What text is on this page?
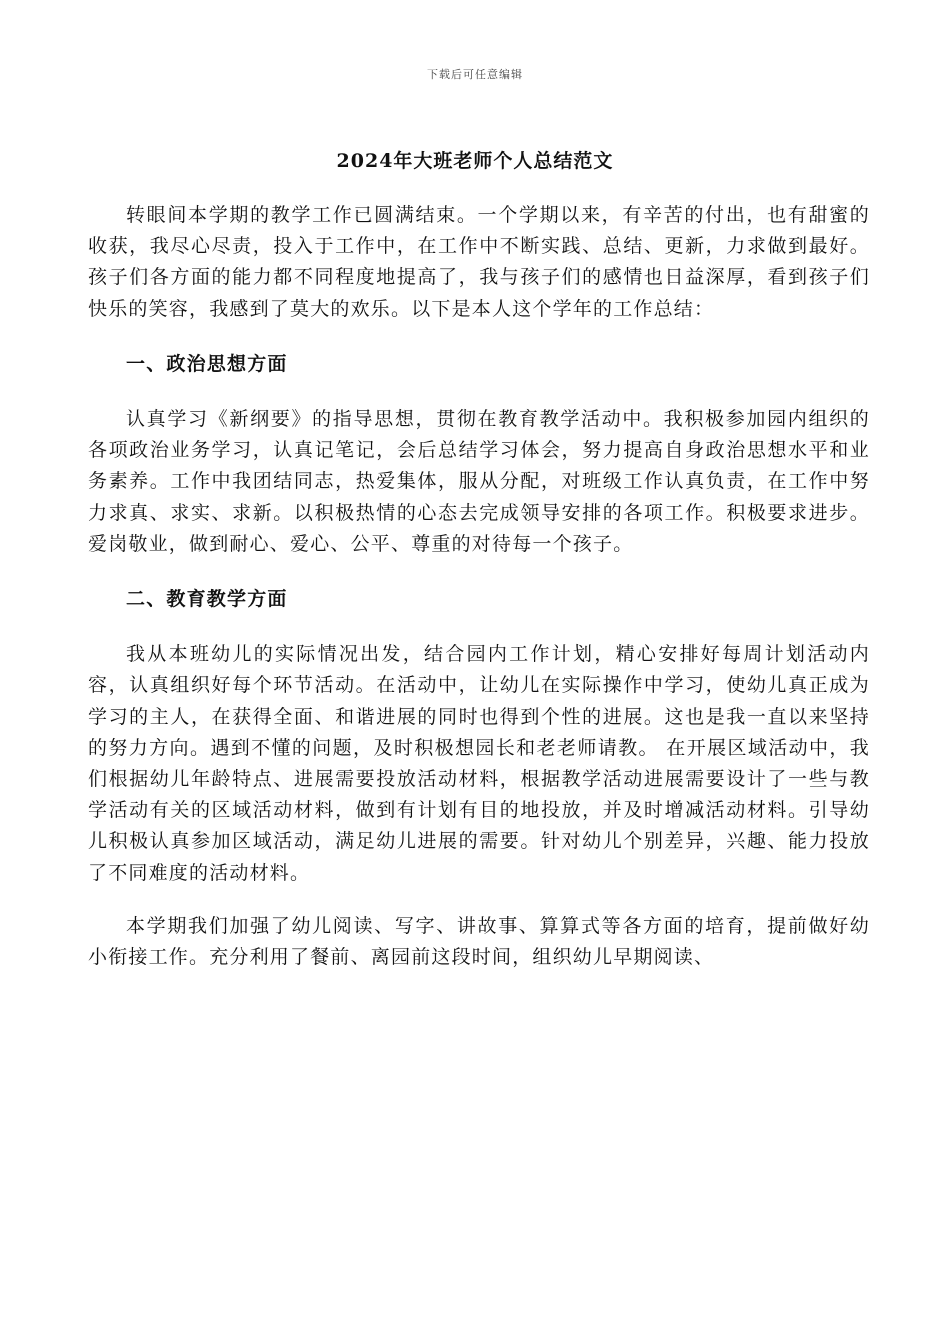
下载后可任意编辑
2024年大班老师个人总结范文

转眼间本学期的教学工作已圆满结束。一个学期以来，有辛苦的付出，也有甜蜜的收获，我尽心尽责，投入于工作中，在工作中不断实践、总结、更新，力求做到最好。孩子们各方面的能力都不同程度地提高了，我与孩子们的感情也日益深厚，看到孩子们快乐的笑容，我感到了莫大的欢乐。以下是本人这个学年的工作总结：

一、政治思想方面

认真学习《新纲要》的指导思想，贯彻在教育教学活动中。我积极参加园内组织的各项政治业务学习，认真记笔记，会后总结学习体会，努力提高自身政治思想水平和业务素养。工作中我团结同志，热爱集体，服从分配，对班级工作认真负责，在工作中努力求真、求实、求新。以积极热情的心态去完成领导安排的各项工作。积极要求进步。爱岗敬业，做到耐心、爱心、公平、尊重的对待每一个孩子。

二、教育教学方面

我从本班幼儿的实际情况出发，结合园内工作计划，精心安排好每周计划活动内容，认真组织好每个环节活动。在活动中，让幼儿在实际操作中学习，使幼儿真正成为学习的主人，在获得全面、和谐进展的同时也得到个性的进展。这也是我一直以来坚持的努力方向。遇到不懂的问题，及时积极想园长和老老师请教。 在开展区域活动中，我们根据幼儿年龄特点、进展需要投放活动材料，根据教学活动进展需要设计了一些与教学活动有关的区域活动材料，做到有计划有目的地投放，并及时增减活动材料。引导幼儿积极认真参加区域活动，满足幼儿进展的需要。针对幼儿个别差异，兴趣、能力投放了不同难度的活动材料。

本学期我们加强了幼儿阅读、写字、讲故事、算算式等各方面的培育，提前做好幼小衔接工作。充分利用了餐前、离园前这段时间，组织幼儿早期阅读、
